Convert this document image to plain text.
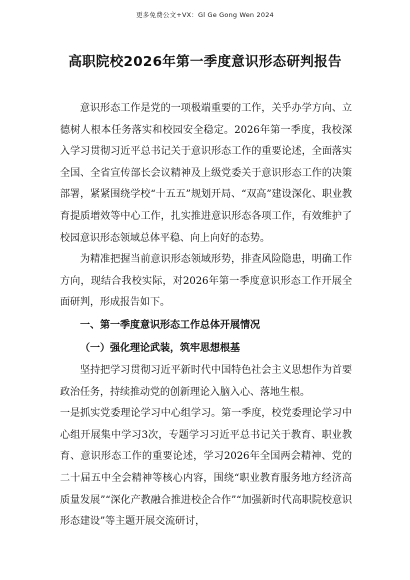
更多免费公文+VX：Gl Ge Gong Wen 2024
高职院校2026年第一季度意识形态研判报告

意识形态工作是党的一项极端重要的工作，关乎办学方向、立德树人根本任务落实和校园安全稳定。2026年第一季度，我校深入学习贯彻习近平总书记关于意识形态工作的重要论述，全面落实全国、全省宣传部长会议精神及上级党委关于意识形态工作的决策部署，紧紧围绕学校“十五五”规划开局、“双高”建设深化、职业教育提质增效等中心工作，扎实推进意识形态各项工作，有效维护了校园意识形态领域总体平稳、向上向好的态势。

为精准把握当前意识形态领域形势，排查风险隐患，明确工作方向，现结合我校实际，对2026年第一季度意识形态工作开展全面研判，形成报告如下。

一、第一季度意识形态工作总体开展情况

（一）强化理论武装，筑牢思想根基

坚持把学习贯彻习近平新时代中国特色社会主义思想作为首要政治任务，持续推动党的创新理论入脑入心、落地生根。

一是抓实党委理论学习中心组学习。第一季度，校党委理论学习中心组开展集中学习3次，专题学习习近平总书记关于教育、职业教育、意识形态工作的重要论述，学习2026年全国两会精神、党的二十届五中全会精神等核心内容，围绕“职业教育服务地方经济高质量发展”“深化产教融合推进校企合作”“加强新时代高职院校意识形态建设”等主题开展交流研讨，
